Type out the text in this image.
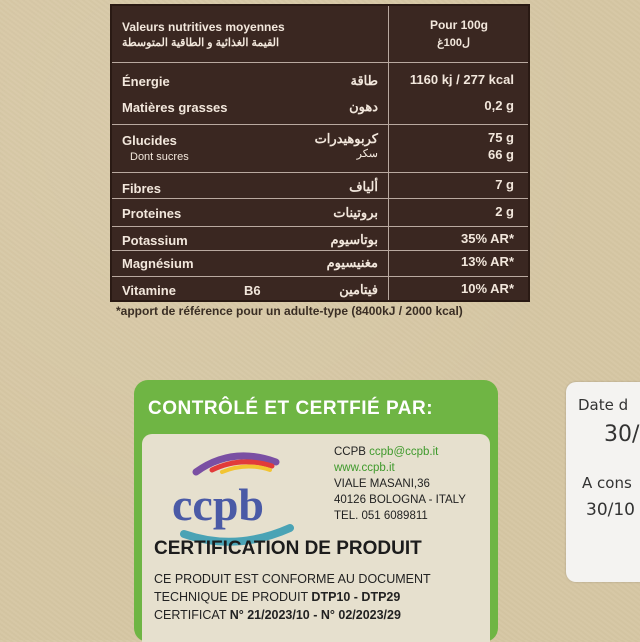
Valeurs nutritives moyennes
القيمة الغذائية و الطاقية المتوسطة
Pour 100g
ل100غ
Énergie	طاقة 1160 kj / 277 kcal
Matières grasses	دهون	0,2 g
Glucides	كربوهيدرات	75 g
Dont sucres	سكر	66 g
Fibres	ألياف	7 g
Proteines	بروتينات	2 g
Potassium	بوتاسيوم	35% AR*
Magnésium	مغنيسيوم	13% AR*
Vitamine	B6	فيتامين	10% AR*
*apport de référence pour un adulte-type (8400kJ / 2000 kcal)
CONTRÔLÉ ET CERTFIÉ PAR:
ccpb
CCPB ccpb@ccpb.it
www.ccpb.it
VIALE MASANI,36
40126 BOLOGNA - ITALY
TEL. 051 6089811
CERTIFICATION DE PRODUIT
CE PRODUIT EST CONFORME AU DOCUMENT
TECHNIQUE DE PRODUIT DTP10 - DTP29
CERTIFICAT N° 21/2023/10 - N° 02/2023/29
Date d
30/
A cons
30/10
